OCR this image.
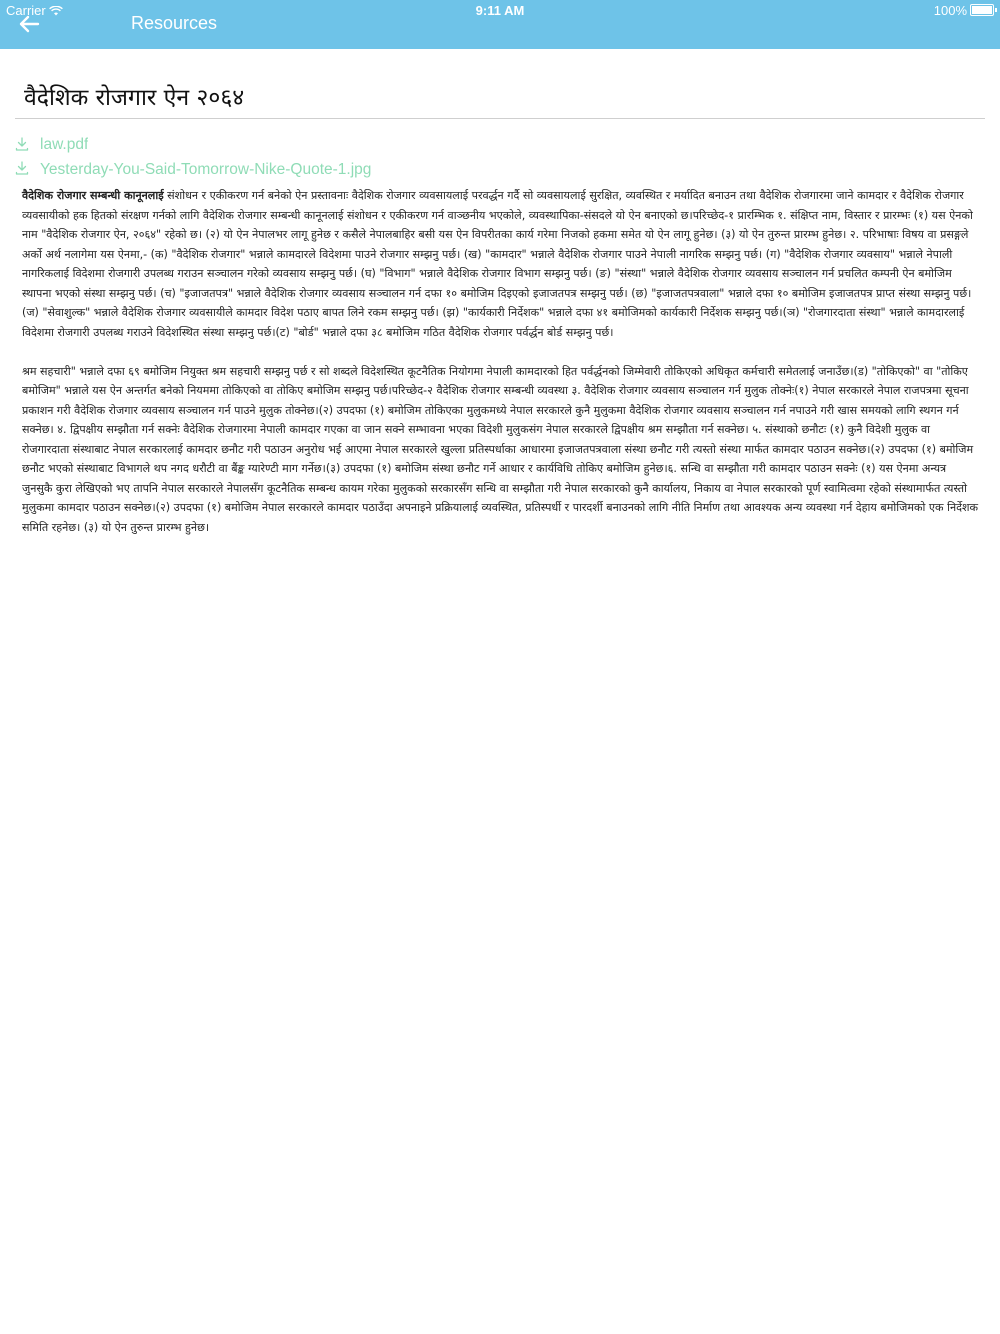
Carrier	9:11 AM	100%
Resources
वैदेशिक रोजगार ऐन २०६४
law.pdf
Yesterday-You-Said-Tomorrow-Nike-Quote-1.jpg

वैदेशिक रोजगार सम्बन्धी कानूनलाई संशोधन र एकीकरण गर्न बनेको ऐन प्रस्तावनाः वैदेशिक रोजगार व्यवसायलाई परवर्द्धन गर्दै सो व्यवसायलाई सुरक्षित, व्यवस्थित र मर्यादित बनाउन तथा वैदेशिक रोजगारमा जाने कामदार र वैदेशिक रोजगार व्यवसायीको हक हितको संरक्षण गर्नको लागि वैदेशिक रोजगार सम्बन्धी कानूनलाई संशोधन र एकीकरण गर्न वाञ्छनीय भएकोले, व्यवस्थापिका-संसदले यो ऐन बनाएको छ।परिच्छेद-१ प्रारम्भिक १. संक्षिप्त नाम, विस्तार र प्रारम्भः (१) यस ऐनको नाम "वैदेशिक रोजगार ऐन, २०६४" रहेको छ। (२) यो ऐन नेपालभर लागू हुनेछ र कसैले नेपालबाहिर बसी यस ऐन विपरीतका कार्य गरेमा निजको हकमा समेत यो ऐन लागू हुनेछ। (३) यो ऐन तुरुन्त प्रारम्भ हुनेछ। २. परिभाषाः विषय वा प्रसङ्गले अर्को अर्थ नलागेमा यस ऐनमा,- (क) "वैदेशिक रोजगार" भन्नाले कामदारले विदेशमा पाउने रोजगार सम्झनु पर्छ। (ख) "कामदार" भन्नाले वैदेशिक रोजगार पाउने नेपाली नागरिक सम्झनु पर्छ। (ग) "वैदेशिक रोजगार व्यवसाय" भन्नाले नेपाली नागरिकलाई विदेशमा रोजगारी उपलब्ध गराउन सञ्चालन गरेको व्यवसाय सम्झनु पर्छ। (घ) "विभाग" भन्नाले वैदेशिक रोजगार विभाग सम्झनु पर्छ। (ङ) "संस्था" भन्नाले वैदेशिक रोजगार व्यवसाय सञ्चालन गर्न प्रचलित कम्पनी ऐन बमोजिम स्थापना भएको संस्था सम्झनु पर्छ। (च) "इजाजतपत्र" भन्नाले वैदेशिक रोजगार व्यवसाय सञ्चालन गर्न दफा १० बमोजिम दिइएको इजाजतपत्र सम्झनु पर्छ। (छ) "इजाजतपत्रवाला" भन्नाले दफा १० बमोजिम इजाजतपत्र प्राप्त संस्था सम्झनु पर्छ। (ज) "सेवाशुल्क" भन्नाले वैदेशिक रोजगार व्यवसायीले कामदार विदेश पठाए बापत लिने रकम सम्झनु पर्छ। (झ) "कार्यकारी निर्देशक" भन्नाले दफा ४१ बमोजिमको कार्यकारी निर्देशक सम्झनु पर्छ।(ञ) "रोजगारदाता संस्था" भन्नाले कामदारलाई विदेशमा रोजगारी उपलब्ध गराउने विदेशस्थित संस्था सम्झनु पर्छ।(ट) "बोर्ड" भन्नाले दफा ३८ बमोजिम गठित वैदेशिक रोजगार पर्वर्द्धन बोर्ड सम्झनु पर्छ।

श्रम सहचारी" भन्नाले दफा ६९ बमोजिम नियुक्त श्रम सहचारी सम्झनु पर्छ र सो शब्दले विदेशस्थित कूटनैतिक नियोगमा नेपाली कामदारको हित पर्वर्द्धनको जिम्मेवारी तोकिएको अधिकृत कर्मचारी समेतलाई जनाउँछ।(ड) "तोकिएको" वा "तोकिए बमोजिम" भन्नाले यस ऐन अन्तर्गत बनेको नियममा तोकिएको वा तोकिए बमोजिम सम्झनु पर्छ।परिच्छेद-२ वैदेशिक रोजगार सम्बन्धी व्यवस्था ३. वैदेशिक रोजगार व्यवसाय सञ्चालन गर्न मुलुक तोक्नेः(१) नेपाल सरकारले नेपाल राजपत्रमा सूचना प्रकाशन गरी वैदेशिक रोजगार व्यवसाय सञ्चालन गर्न पाउने मुलुक तोक्नेछ।(२) उपदफा (१) बमोजिम तोकिएका मुलुकमध्ये नेपाल सरकारले कुनै मुलुकमा वैदेशिक रोजगार व्यवसाय सञ्चालन गर्न नपाउने गरी खास समयको लागि स्थगन गर्न सक्नेछ। ४. द्विपक्षीय सम्झौता गर्न सक्नेः वैदेशिक रोजगारमा नेपाली कामदार गएका वा जान सक्ने सम्भावना भएका विदेशी मुलुकसंग नेपाल सरकारले द्विपक्षीय श्रम सम्झौता गर्न सक्नेछ। ५. संस्थाको छनौटः (१) कुनै विदेशी मुलुक वा रोजगारदाता संस्थाबाट नेपाल सरकारलाई कामदार छनौट गरी पठाउन अनुरोध भई आएमा नेपाल सरकारले खुल्ला प्रतिस्पर्धाका आधारमा इजाजतपत्रवाला संस्था छनौट गरी त्यस्तो संस्था मार्फत कामदार पठाउन सक्नेछ।(२) उपदफा (१) बमोजिम छनौट भएको संस्थाबाट विभागले थप नगद धरौटी वा बैंङ्क ग्यारेण्टी माग गर्नेछ।(३) उपदफा (१) बमोजिम संस्था छनौट गर्ने आधार र कार्यविधि तोकिए बमोजिम हुनेछ।६. सन्धि वा सम्झौता गरी कामदार पठाउन सक्नेः (१) यस ऐनमा अन्यत्र जुनसुकै कुरा लेखिएको भए तापनि नेपाल सरकारले नेपालसँग कूटनैतिक सम्बन्ध कायम गरेका मुलुकको सरकारसँग सन्धि वा सम्झौता गरी नेपाल सरकारको कुनै कार्यालय, निकाय वा नेपाल सरकारको पूर्ण स्वामित्वमा रहेको संस्थामार्फत त्यस्तो मुलुकमा कामदार पठाउन सक्नेछ।(२) उपदफा (१) बमोजिम नेपाल सरकारले कामदार पठाउँदा अपनाइने प्रक्रियालाई व्यवस्थित, प्रतिस्पर्धी र पारदर्शी बनाउनको लागि नीति निर्माण तथा आवश्यक अन्य व्यवस्था गर्न देहाय बमोजिमको एक निर्देशक समिति रहनेछ। (३) यो ऐन तुरुन्त प्रारम्भ हुनेछ।
